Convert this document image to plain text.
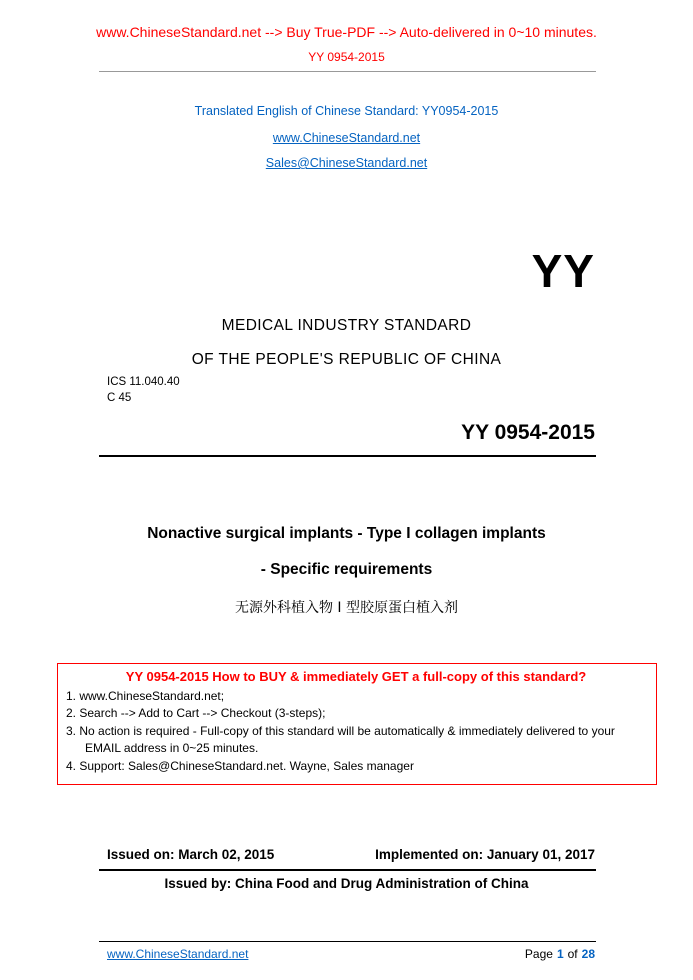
www.ChineseStandard.net --> Buy True-PDF --> Auto-delivered in 0~10 minutes.
YY 0954-2015
Translated English of Chinese Standard: YY0954-2015
www.ChineseStandard.net
Sales@ChineseStandard.net
YY
MEDICAL INDUSTRY STANDARD
OF THE PEOPLE'S REPUBLIC OF CHINA
ICS 11.040.40
C 45
YY 0954-2015
Nonactive surgical implants - Type I collagen implants
- Specific requirements
无源外科植入物 I 型胶原蛋白植入剂
YY 0954-2015 How to BUY & immediately GET a full-copy of this standard?
1. www.ChineseStandard.net;
2. Search --> Add to Cart --> Checkout (3-steps);
3. No action is required - Full-copy of this standard will be automatically & immediately delivered to your EMAIL address in 0~25 minutes.
4. Support: Sales@ChineseStandard.net. Wayne, Sales manager
Issued on: March 02, 2015	Implemented on: January 01, 2017
Issued by: China Food and Drug Administration of China
www.ChineseStandard.net	Page 1 of 28
